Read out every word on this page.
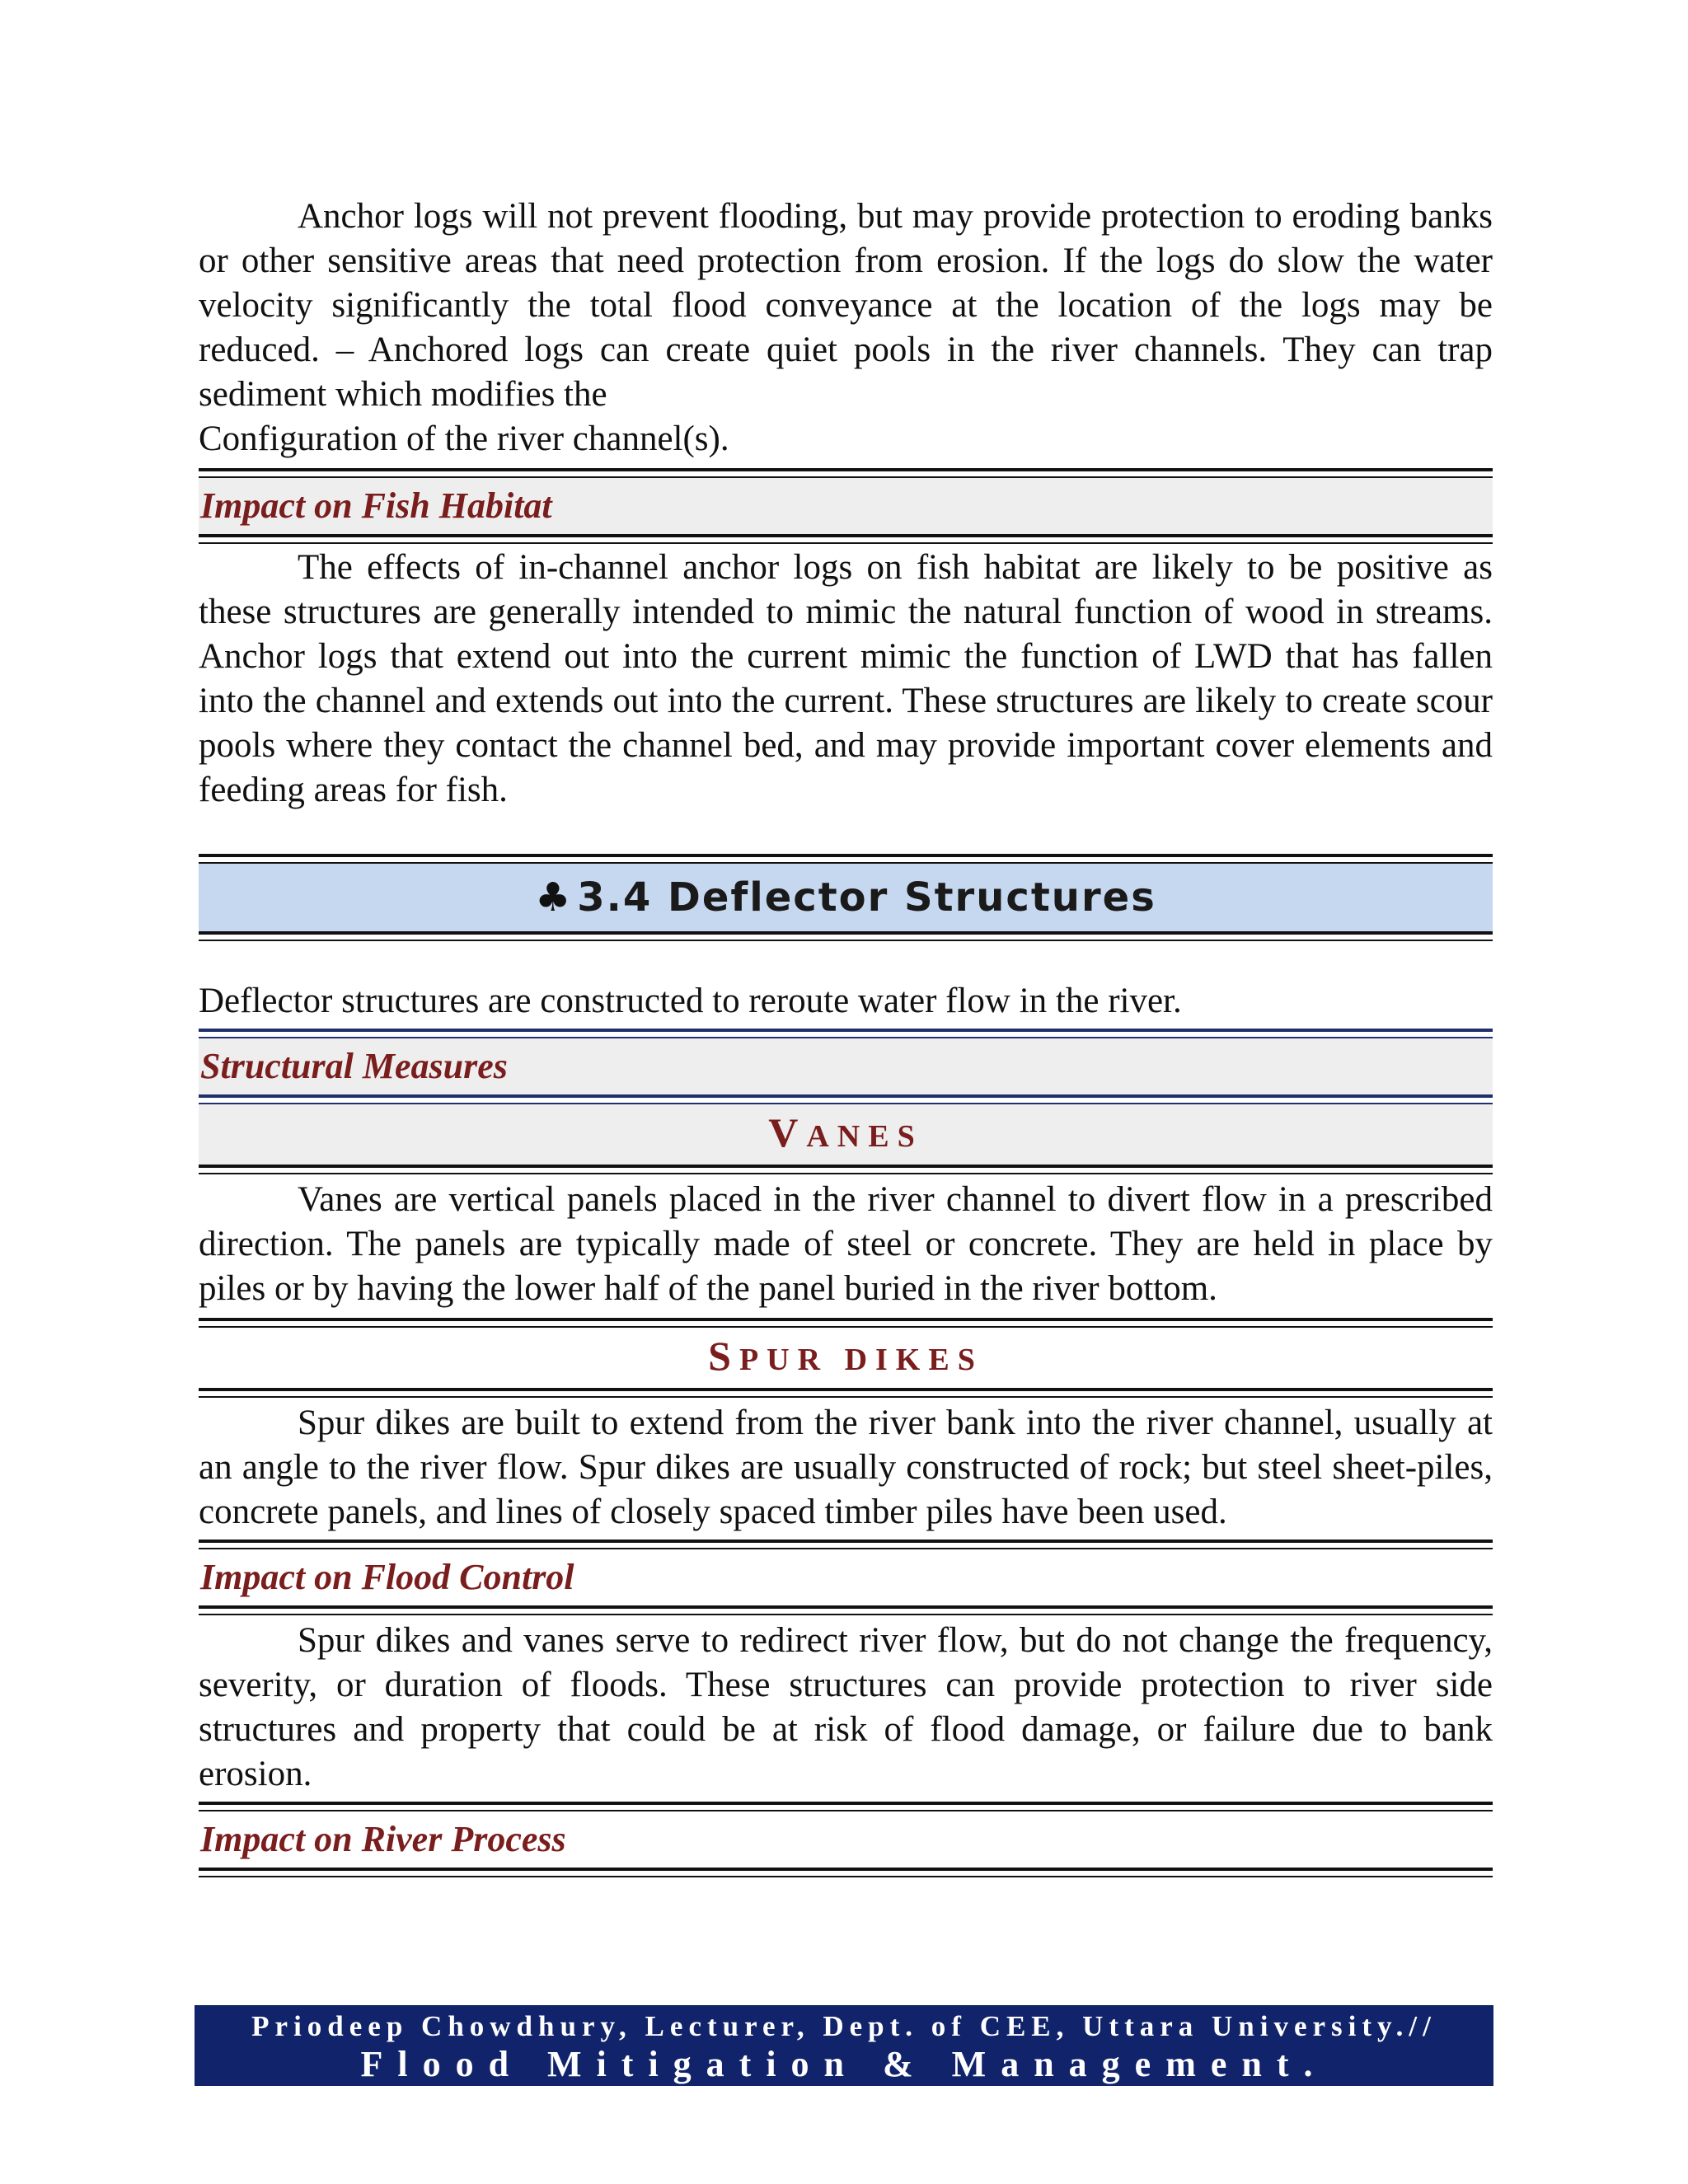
Anchor logs will not prevent flooding, but may provide protection to eroding banks or other sensitive areas that need protection from erosion. If the logs do slow the water velocity significantly the total flood conveyance at the location of the logs may be reduced. – Anchored logs can create quiet pools in the river channels. They can trap sediment which modifies the
Configuration of the river channel(s).

Impact on Fish Habitat

The effects of in-channel anchor logs on fish habitat are likely to be positive as these structures are generally intended to mimic the natural function of wood in streams. Anchor logs that extend out into the current mimic the function of LWD that has fallen into the channel and extends out into the current. These structures are likely to create scour pools where they contact the channel bed, and may provide important cover elements and feeding areas for fish.

♣ 3.4 Deflector Structures

Deflector structures are constructed to reroute water flow in the river.

Structural Measures
VANES

Vanes are vertical panels placed in the river channel to divert flow in a prescribed direction. The panels are typically made of steel or concrete. They are held in place by piles or by having the lower half of the panel buried in the river bottom.

SPUR DIKES

Spur dikes are built to extend from the river bank into the river channel, usually at an angle to the river flow. Spur dikes are usually constructed of rock; but steel sheet-piles, concrete panels, and lines of closely spaced timber piles have been used.

Impact on Flood Control

Spur dikes and vanes serve to redirect river flow, but do not change the frequency, severity, or duration of floods. These structures can provide protection to river side structures and property that could be at risk of flood damage, or failure due to bank erosion.

Impact on River Process
Priodeep Chowdhury, Lecturer, Dept. of CEE, Uttara University.//
Flood Mitigation & Management.
